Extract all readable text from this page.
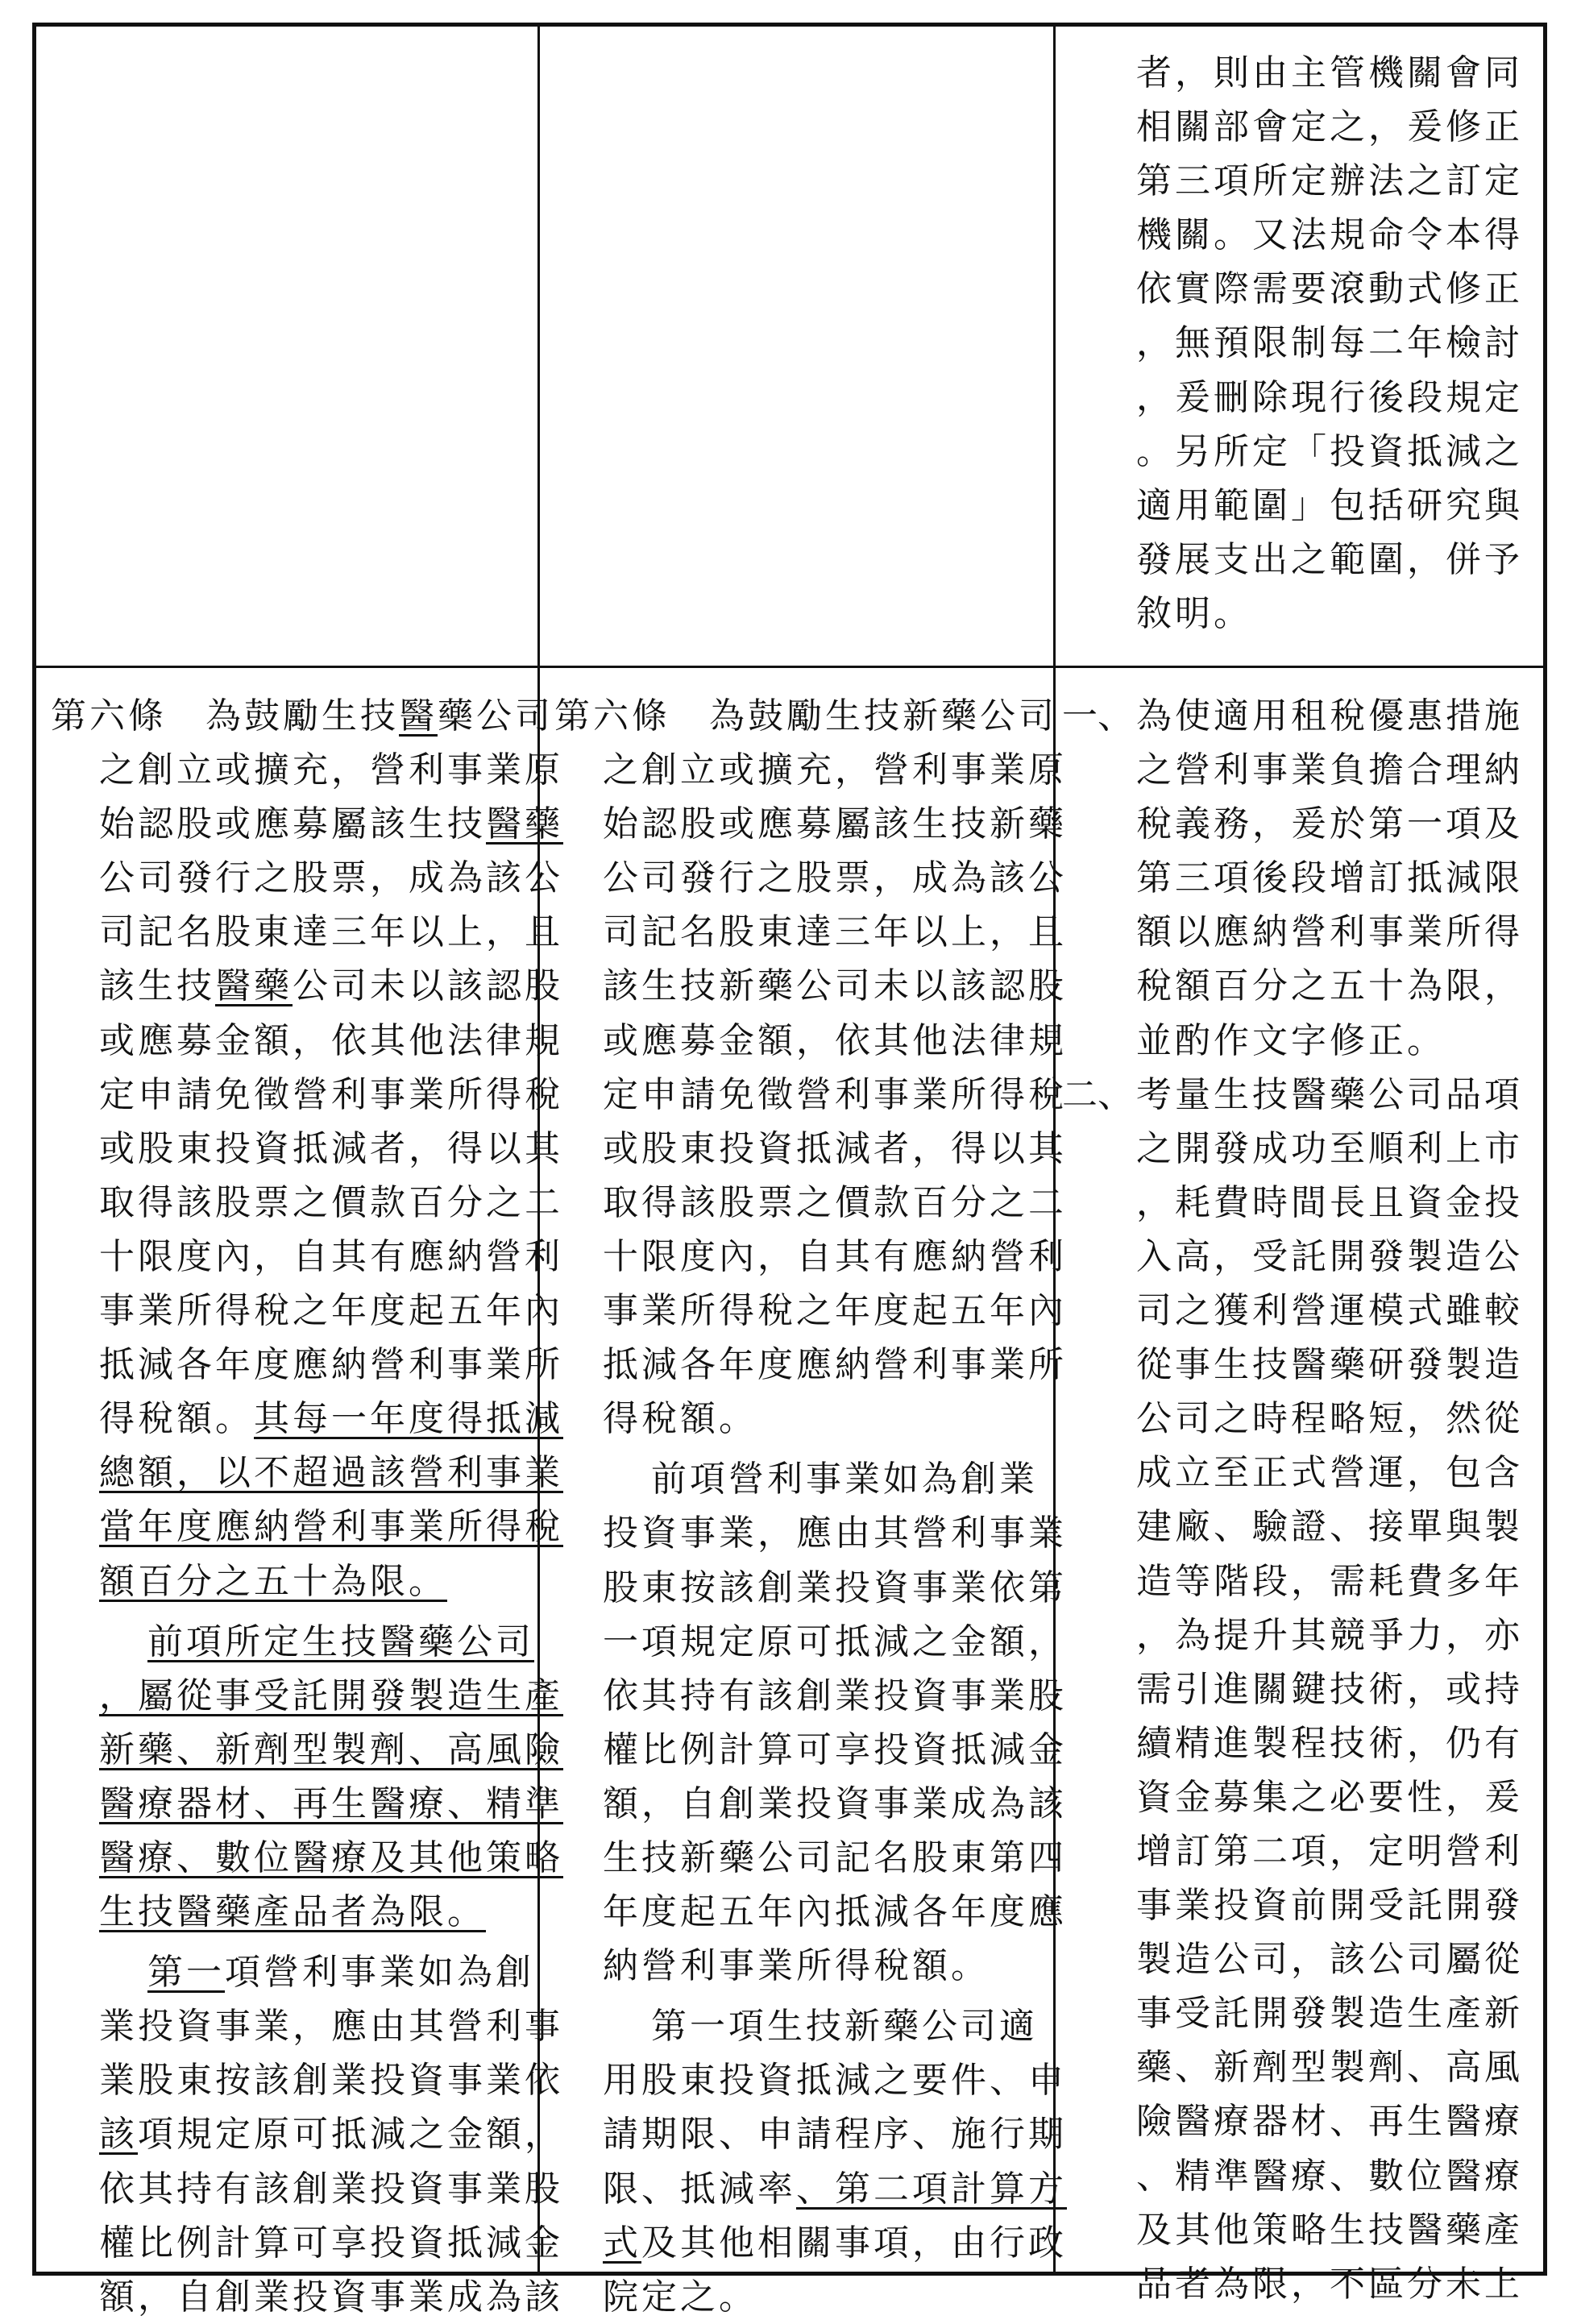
者，則由主管機關會同

相關部會定之，爰修正

第三項所定辦法之訂定

機關。又法規命令本得

依實際需要滾動式修正

，無預限制每二年檢討

，爰刪除現行後段規定

。另所定「投資抵減之

適用範圍」包括研究與

發展支出之範圍，併予

敘明。

第六條　為鼓勵生技醫藥公司

之創立或擴充，營利事業原

始認股或應募屬該生技醫藥

公司發行之股票，成為該公

司記名股東達三年以上，且

該生技醫藥公司未以該認股

或應募金額，依其他法律規

定申請免徵營利事業所得稅

或股東投資抵減者，得以其

取得該股票之價款百分之二

十限度內，自其有應納營利

事業所得稅之年度起五年內

抵減各年度應納營利事業所

得稅額。其每一年度得抵減

總額，以不超過該營利事業

當年度應納營利事業所得稅

額百分之五十為限。

前項所定生技醫藥公司

，屬從事受託開發製造生產

新藥、新劑型製劑、高風險

醫療器材、再生醫療、精準

醫療、數位醫療及其他策略

生技醫藥產品者為限。

第一項營利事業如為創

業投資事業，應由其營利事

業股東按該創業投資事業依

該項規定原可抵減之金額，

依其持有該創業投資事業股

權比例計算可享投資抵減金

額，自創業投資事業成為該

第六條　為鼓勵生技新藥公司

之創立或擴充，營利事業原

始認股或應募屬該生技新藥

公司發行之股票，成為該公

司記名股東達三年以上，且

該生技新藥公司未以該認股

或應募金額，依其他法律規

定申請免徵營利事業所得稅

或股東投資抵減者，得以其

取得該股票之價款百分之二

十限度內，自其有應納營利

事業所得稅之年度起五年內

抵減各年度應納營利事業所

得稅額。

前項營利事業如為創業

投資事業，應由其營利事業

股東按該創業投資事業依第

一項規定原可抵減之金額，

依其持有該創業投資事業股

權比例計算可享投資抵減金

額，自創業投資事業成為該

生技新藥公司記名股東第四

年度起五年內抵減各年度應

納營利事業所得稅額。

第一項生技新藥公司適

用股東投資抵減之要件、申

請期限、申請程序、施行期

限、抵減率、第二項計算方

式及其他相關事項，由行政

院定之。

一、 為使適用租稅優惠措施

之營利事業負擔合理納

稅義務，爰於第一項及

第三項後段增訂抵減限

額以應納營利事業所得

稅額百分之五十為限，

並酌作文字修正。

二、 考量生技醫藥公司品項

之開發成功至順利上市

，耗費時間長且資金投

入高，受託開發製造公

司之獲利營運模式雖較

從事生技醫藥研發製造

公司之時程略短，然從

成立至正式營運，包含

建廠、驗證、接單與製

造等階段，需耗費多年

，為提升其競爭力，亦

需引進關鍵技術，或持

續精進製程技術，仍有

資金募集之必要性，爰

增訂第二項，定明營利

事業投資前開受託開發

製造公司，該公司屬從

事受託開發製造生產新

藥、新劑型製劑、高風

險醫療器材、再生醫療

、精準醫療、數位醫療

及其他策略生技醫藥產

品者為限，不區分未上
